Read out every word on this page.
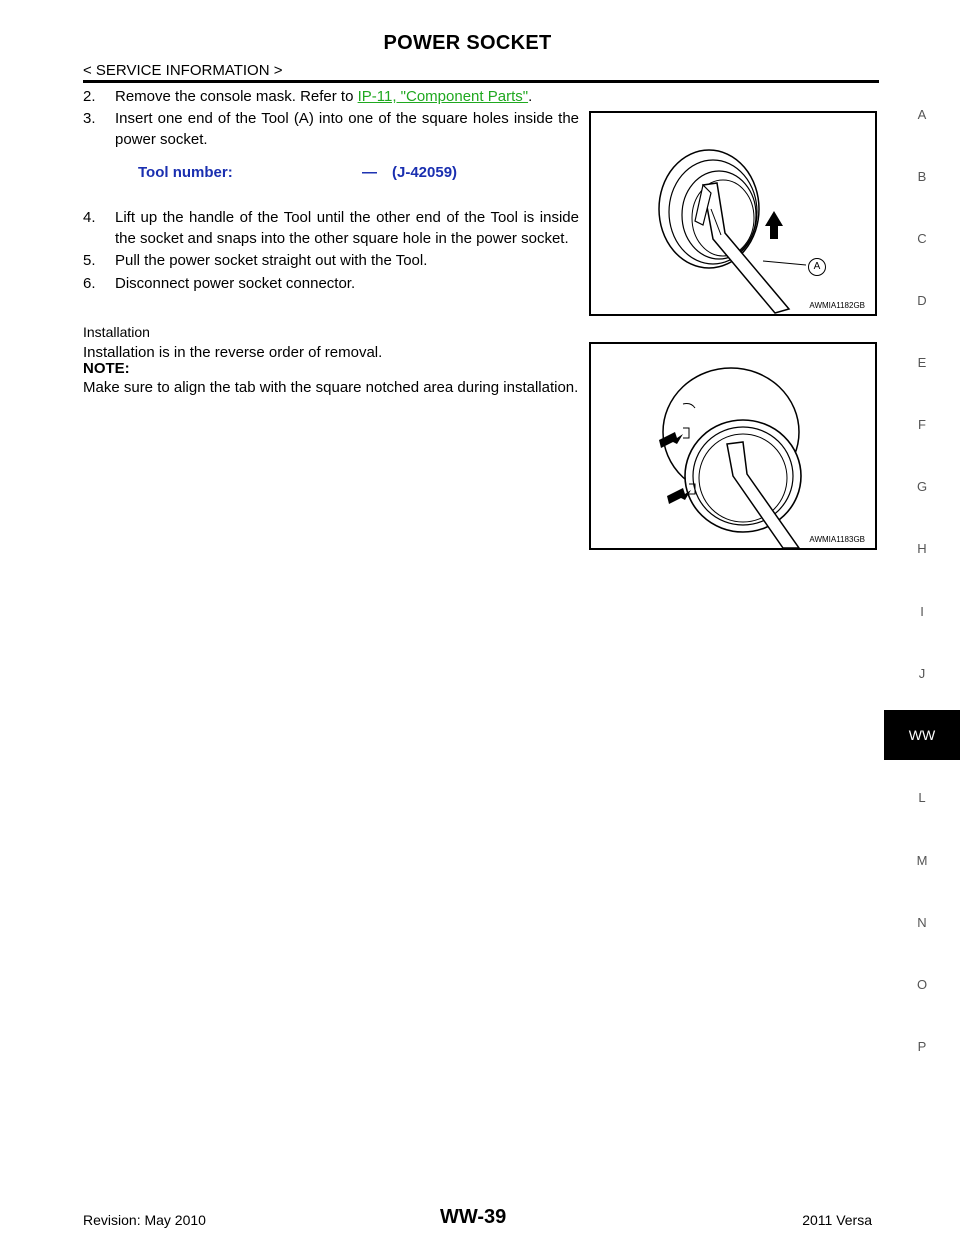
POWER SOCKET
< SERVICE INFORMATION >
2. Remove the console mask. Refer to IP-11, "Component Parts".
3. Insert one end of the Tool (A) into one of the square holes inside the power socket.
Tool number:	— (J-42059)
4. Lift up the handle of the Tool until the other end of the Tool is inside the socket and snaps into the other square hole in the power socket.
5. Pull the power socket straight out with the Tool.
6. Disconnect power socket connector.
Installation
Installation is in the reverse order of removal.
NOTE:
Make sure to align the tab with the square notched area during installation.
A
AWMIA1182GB
AWMIA1183GB
A
B
C
D
E
F
G
H
I
J
WW
L
M
N
O
P
Revision: May 2010	WW-39	2011 Versa
